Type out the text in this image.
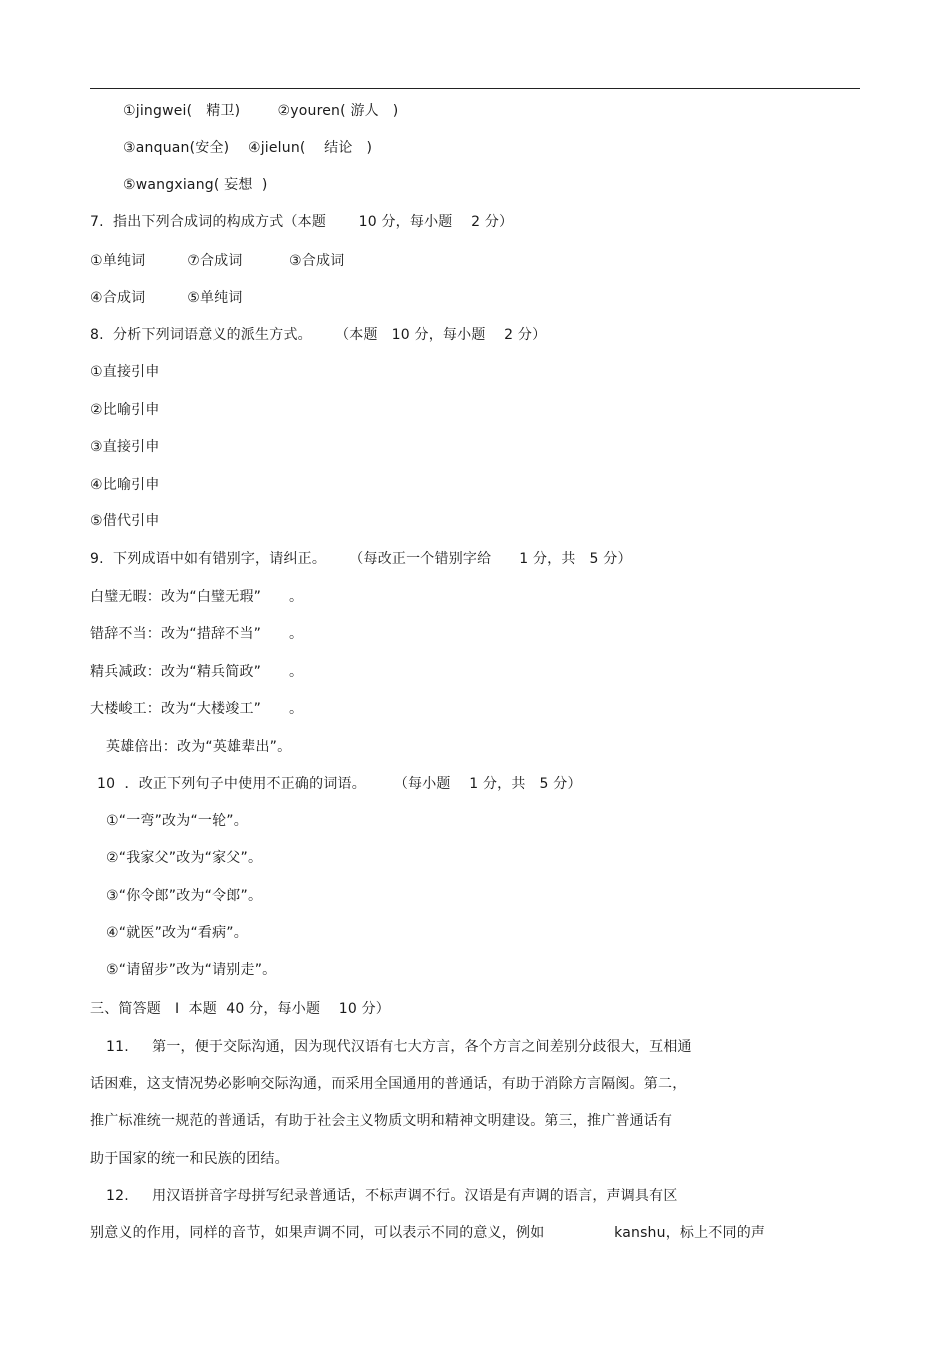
①jingwei(   精卫)        ②youren( 游人   )
③anquan(安全)    ④jielun(    结论   )
⑤wangxiang( 妄想  )
7.  指出下列合成词的构成方式（本题       10 分，每小题    2 分）
①单纯词         ⑦合成词          ③合成词
④合成词         ⑤单纯词
8.  分析下列词语意义的派生方式。     （本题   10 分，每小题    2 分）
①直接引申
②比喻引申
③直接引申
④比喻引申
⑤借代引申
9.  下列成语中如有错别字，请纠正。     （每改正一个错别字给      1 分，共   5 分）
白璧无暇：改为“白璧无瑕”      。
错辞不当：改为“措辞不当”      。
精兵减政：改为“精兵简政”      。
大楼峻工：改为“大楼竣工”      。
英雄倍出：改为“英雄辈出”。
10  ．改正下列句子中使用不正确的词语。      （每小题    1 分，共   5 分）
①“一弯”改为“一轮”。
②“我家父”改为“家父”。
③“你令郎”改为“令郎”。
④“就医”改为“看病”。
⑤“请留步”改为“请别走”。
三、简答题   I  本题  40 分，每小题    10 分）
11.     第一，便于交际沟通，因为现代汉语有七大方言，各个方言之间差别分歧很大，互相通
话困难，这支情况势必影响交际沟通，而采用全国通用的普通话，有助于消除方言隔阂。第二，
推广标准统一规范的普通话，有助于社会主义物质文明和精神文明建设。第三，推广普通话有
助于国家的统一和民族的团结。
12.     用汉语拼音字母拼写纪录普通话，不标声调不行。汉语是有声调的语言，声调具有区
别意义的作用，同样的音节，如果声调不同，可以表示不同的意义，例如               kanshu，标上不同的声
